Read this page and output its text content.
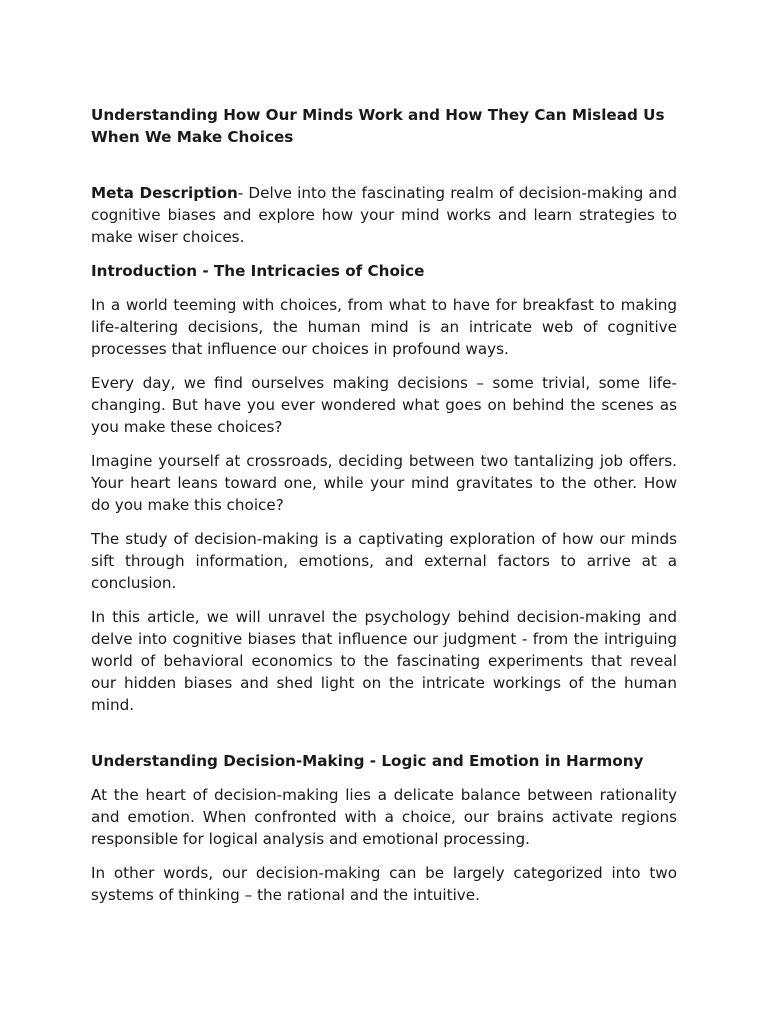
Understanding How Our Minds Work and How They Can Mislead Us When We Make Choices

Meta Description- Delve into the fascinating realm of decision-making and cognitive biases and explore how your mind works and learn strategies to make wiser choices.

Introduction - The Intricacies of Choice

In a world teeming with choices, from what to have for breakfast to making life-altering decisions, the human mind is an intricate web of cognitive processes that influence our choices in profound ways.

Every day, we find ourselves making decisions – some trivial, some life-changing. But have you ever wondered what goes on behind the scenes as you make these choices?

Imagine yourself at crossroads, deciding between two tantalizing job offers. Your heart leans toward one, while your mind gravitates to the other. How do you make this choice?

The study of decision-making is a captivating exploration of how our minds sift through information, emotions, and external factors to arrive at a conclusion.

In this article, we will unravel the psychology behind decision-making and delve into cognitive biases that influence our judgment - from the intriguing world of behavioral economics to the fascinating experiments that reveal our hidden biases and shed light on the intricate workings of the human mind.

Understanding Decision-Making - Logic and Emotion in Harmony

At the heart of decision-making lies a delicate balance between rationality and emotion. When confronted with a choice, our brains activate regions responsible for logical analysis and emotional processing.

In other words, our decision-making can be largely categorized into two systems of thinking – the rational and the intuitive.
